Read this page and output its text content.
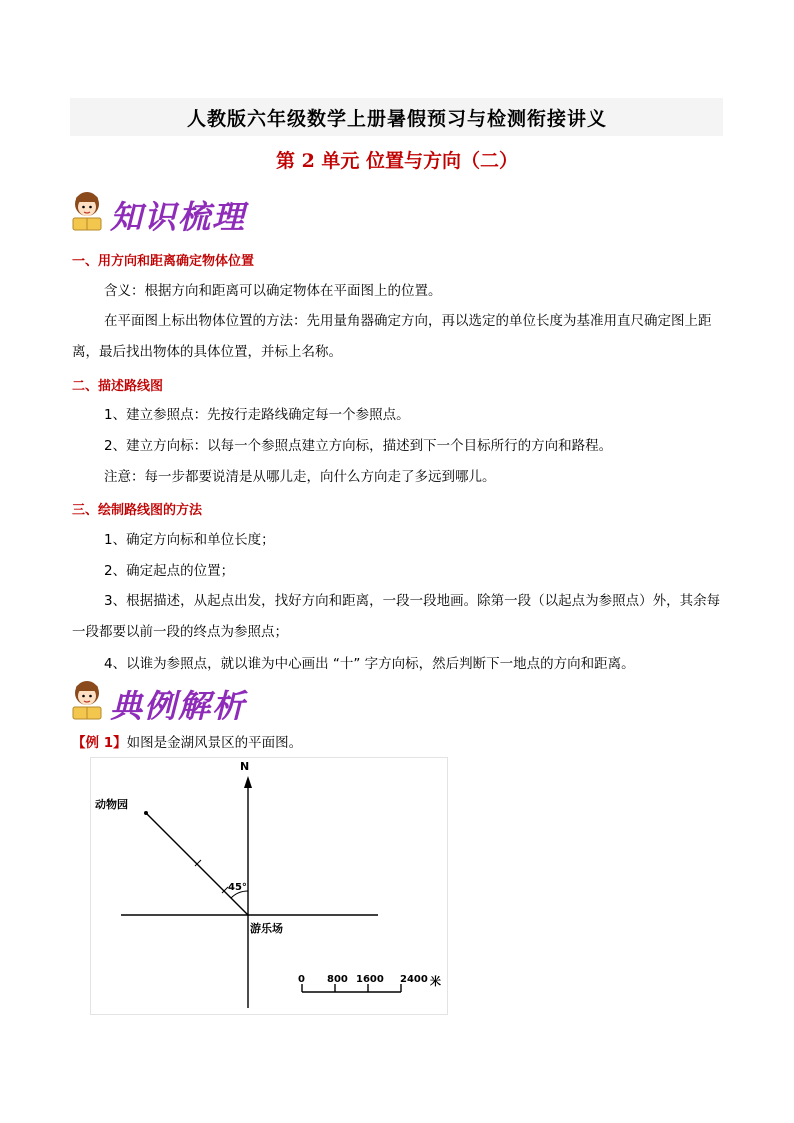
人教版六年级数学上册暑假预习与检测衔接讲义
第 2 单元 位置与方向（二）
知识梳理
一、用方向和距离确定物体位置
含义：根据方向和距离可以确定物体在平面图上的位置。
在平面图上标出物体位置的方法：先用量角器确定方向，再以选定的单位长度为基准用直尺确定图上距离，最后找出物体的具体位置，并标上名称。
二、描述路线图
1、建立参照点：先按行走路线确定每一个参照点。
2、建立方向标：以每一个参照点建立方向标，描述到下一个目标所行的方向和路程。
注意：每一步都要说清是从哪儿走，向什么方向走了多远到哪儿。
三、绘制路线图的方法
1、确定方向标和单位长度；
2、确定起点的位置；
3、根据描述，从起点出发，找好方向和距离，一段一段地画。除第一段（以起点为参照点）外，其余每一段都要以前一段的终点为参照点；
4、以谁为参照点，就以谁为中心画出 “十” 字方向标，然后判断下一地点的方向和距离。
典例解析
【例 1】如图是金湖风景区的平面图。
N
动物园
45°
游乐场
0 800 1600 2400 米
